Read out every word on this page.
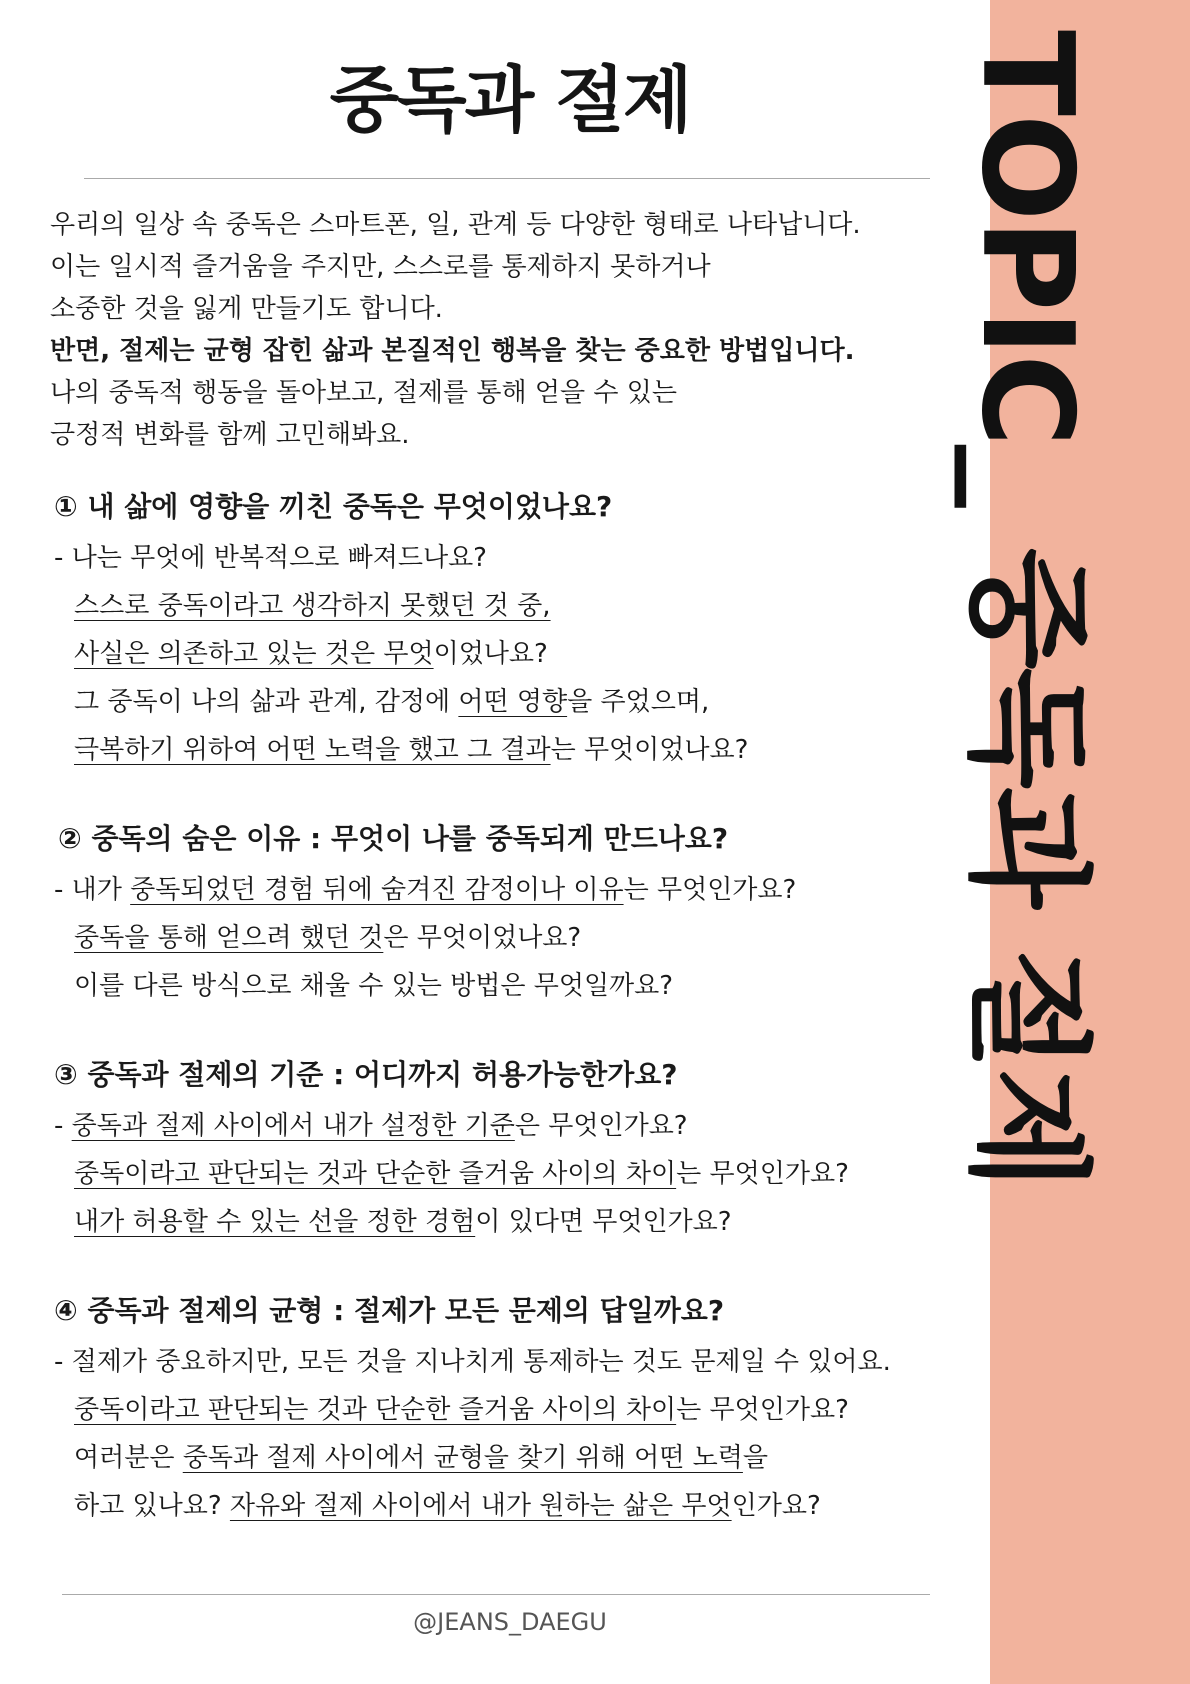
TOPIC_ 중독과 절제
중독과 절제

우리의 일상 속 중독은 스마트폰, 일, 관계 등 다양한 형태로 나타납니다.

이는 일시적 즐거움을 주지만, 스스로를 통제하지 못하거나

소중한 것을 잃게 만들기도 합니다.

반면, 절제는 균형 잡힌 삶과 본질적인 행복을 찾는 중요한 방법입니다.

나의 중독적 행동을 돌아보고, 절제를 통해 얻을 수 있는

긍정적 변화를 함께 고민해봐요.

① 내 삶에 영향을 끼친 중독은 무엇이었나요?
- 나는 무엇에 반복적으로 빠져드나요?
스스로 중독이라고 생각하지 못했던 것 중,
사실은 의존하고 있는 것은 무엇이었나요?
그 중독이 나의 삶과 관계, 감정에 어떤 영향을 주었으며,
극복하기 위하여 어떤 노력을 했고 그 결과는 무엇이었나요?
② 중독의 숨은 이유 : 무엇이 나를 중독되게 만드나요?
- 내가 중독되었던 경험 뒤에 숨겨진 감정이나 이유는 무엇인가요?
중독을 통해 얻으려 했던 것은 무엇이었나요?
이를 다른 방식으로 채울 수 있는 방법은 무엇일까요?
③ 중독과 절제의 기준 : 어디까지 허용가능한가요?
- 중독과 절제 사이에서 내가 설정한 기준은 무엇인가요?
중독이라고 판단되는 것과 단순한 즐거움 사이의 차이는 무엇인가요?
내가 허용할 수 있는 선을 정한 경험이 있다면 무엇인가요?
④ 중독과 절제의 균형 : 절제가 모든 문제의 답일까요?
- 절제가 중요하지만, 모든 것을 지나치게 통제하는 것도 문제일 수 있어요.
중독이라고 판단되는 것과 단순한 즐거움 사이의 차이는 무엇인가요?
여러분은 중독과 절제 사이에서 균형을 찾기 위해 어떤 노력을
하고 있나요? 자유와 절제 사이에서 내가 원하는 삶은 무엇인가요?
@JEANS_DAEGU
